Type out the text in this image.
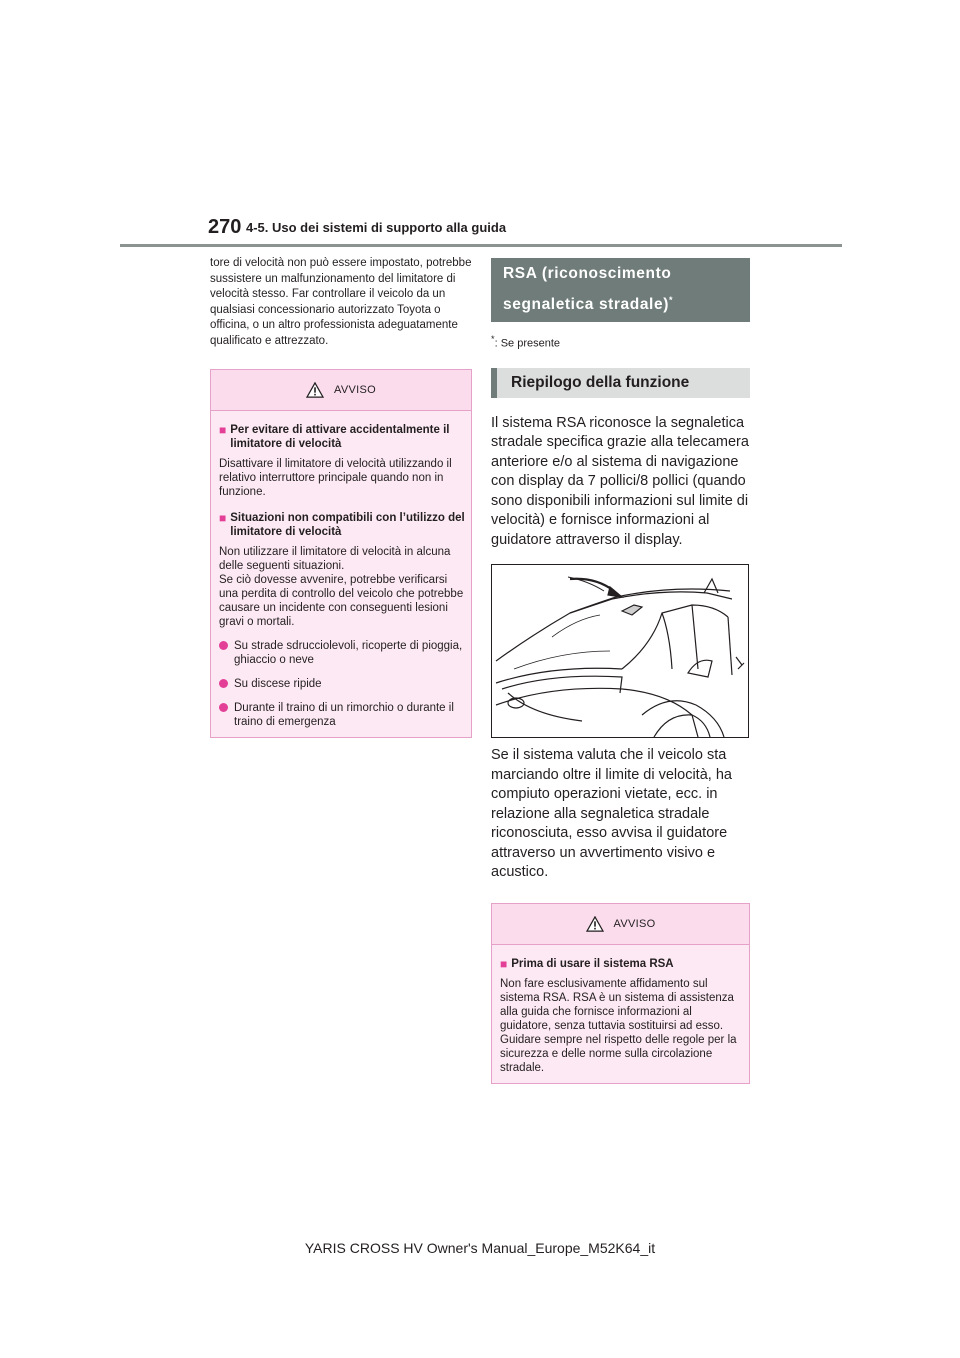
270 4-5. Uso dei sistemi di supporto alla guida

tore di velocità non può essere impostato, potrebbe sussistere un malfunzionamento del limitatore di velocità stesso. Far controllare il veicolo da un qualsiasi concessionario autorizzato Toyota o officina, o un altro professionista adeguatamente qualificato e attrezzato.

AVVISO
■ Per evitare di attivare accidentalmente il limitatore di velocità

Disattivare il limitatore di velocità utilizzando il relativo interruttore principale quando non in funzione.

■ Situazioni non compatibili con l’utilizzo del limitatore di velocità

Non utilizzare il limitatore di velocità in alcuna delle seguenti situazioni.

Se ciò dovesse avvenire, potrebbe verificarsi una perdita di controllo del veicolo che potrebbe causare un incidente con conseguenti lesioni gravi o mortali.

Su strade sdrucciolevoli, ricoperte di pioggia, ghiaccio o neve
Su discese ripide
Durante il traino di un rimorchio o durante il traino di emergenza
RSA (riconoscimento segnaletica stradale)*

*: Se presente

Riepilogo della funzione

Il sistema RSA riconosce la segnaletica stradale specifica grazie alla telecamera anteriore e/o al sistema di navigazione con display da 7 pollici/8 pollici (quando sono disponibili informazioni sul limite di velocità) e fornisce informazioni al guidatore attraverso il display.

Se il sistema valuta che il veicolo sta marciando oltre il limite di velocità, ha compiuto operazioni vietate, ecc. in relazione alla segnaletica stradale riconosciuta, esso avvisa il guidatore attraverso un avvertimento visivo e acustico.

AVVISO
■ Prima di usare il sistema RSA

Non fare esclusivamente affidamento sul sistema RSA. RSA è un sistema di assistenza alla guida che fornisce informazioni al guidatore, senza tuttavia sostituirsi ad esso. Guidare sempre nel rispetto delle regole per la sicurezza e delle norme sulla circolazione stradale.

YARIS CROSS HV Owner's Manual_Europe_M52K64_it
